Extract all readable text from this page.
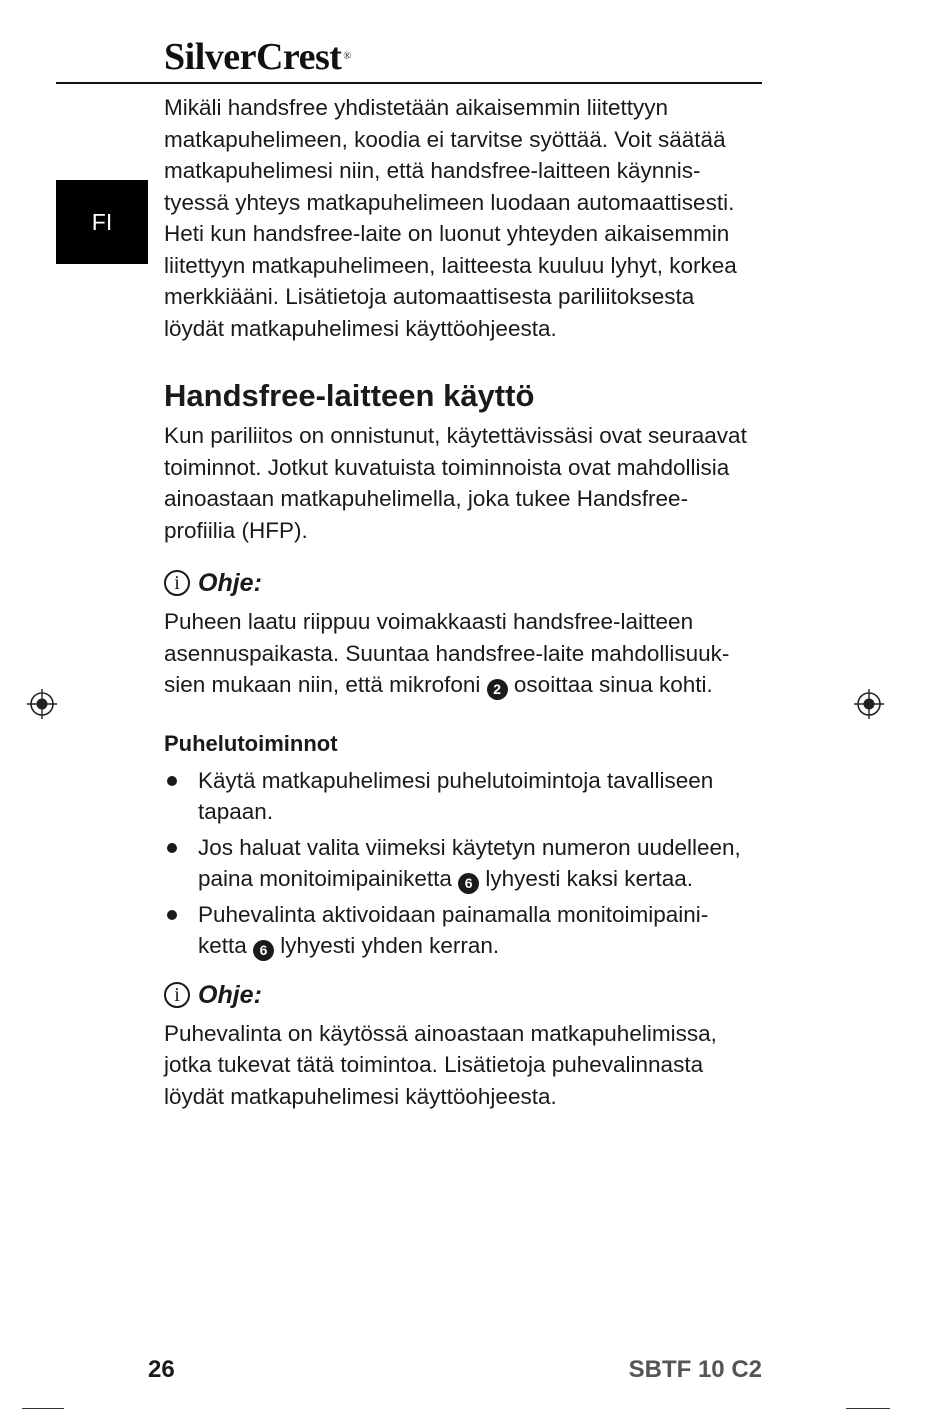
SilverCrest ®
FI

Mikäli handsfree yhdistetään aikaisemmin liitettyyn
matkapuhelimeen, koodia ei tarvitse syöttää. Voit säätää
matkapuhelimesi niin, että handsfree-laitteen käynnis-
tyessä yhteys matkapuhelimeen luodaan automaattisesti.
Heti kun handsfree-laite on luonut yhteyden aikaisemmin
liitettyyn matkapuhelimeen, laitteesta kuuluu lyhyt, korkea
merkkiääni. Lisätietoja automaattisesta pariliitoksesta
löydät matkapuhelimesi käyttöohjeesta.

Handsfree-laitteen käyttö

Kun pariliitos on onnistunut, käytettävissäsi ovat seuraavat
toiminnot. Jotkut kuvatuista toiminnoista ovat mahdollisia
ainoastaan matkapuhelimella, joka tukee Handsfree-
profiilia (HFP).

i Ohje:

Puheen laatu riippuu voimakkaasti handsfree-laitteen
asennuspaikasta. Suuntaa handsfree-laite mahdollisuuk-
sien mukaan niin, että mikrofoni 2 osoittaa sinua kohti.

Puhelutoiminnot
Käytä matkapuhelimesi puhelutoimintoja tavalliseen tapaan.
Jos haluat valita viimeksi käytetyn numeron uudelleen,
paina monitoimipainiketta 6 lyhyesti kaksi kertaa.
Puhevalinta aktivoidaan painamalla monitoimipaini-
ketta 6 lyhyesti yhden kerran.
i Ohje:

Puhevalinta on käytössä ainoastaan matkapuhelimissa,
jotka tukevat tätä toimintoa. Lisätietoja puhevalinnasta
löydät matkapuhelimesi käyttöohjeesta.

26	SBTF 10 C2
